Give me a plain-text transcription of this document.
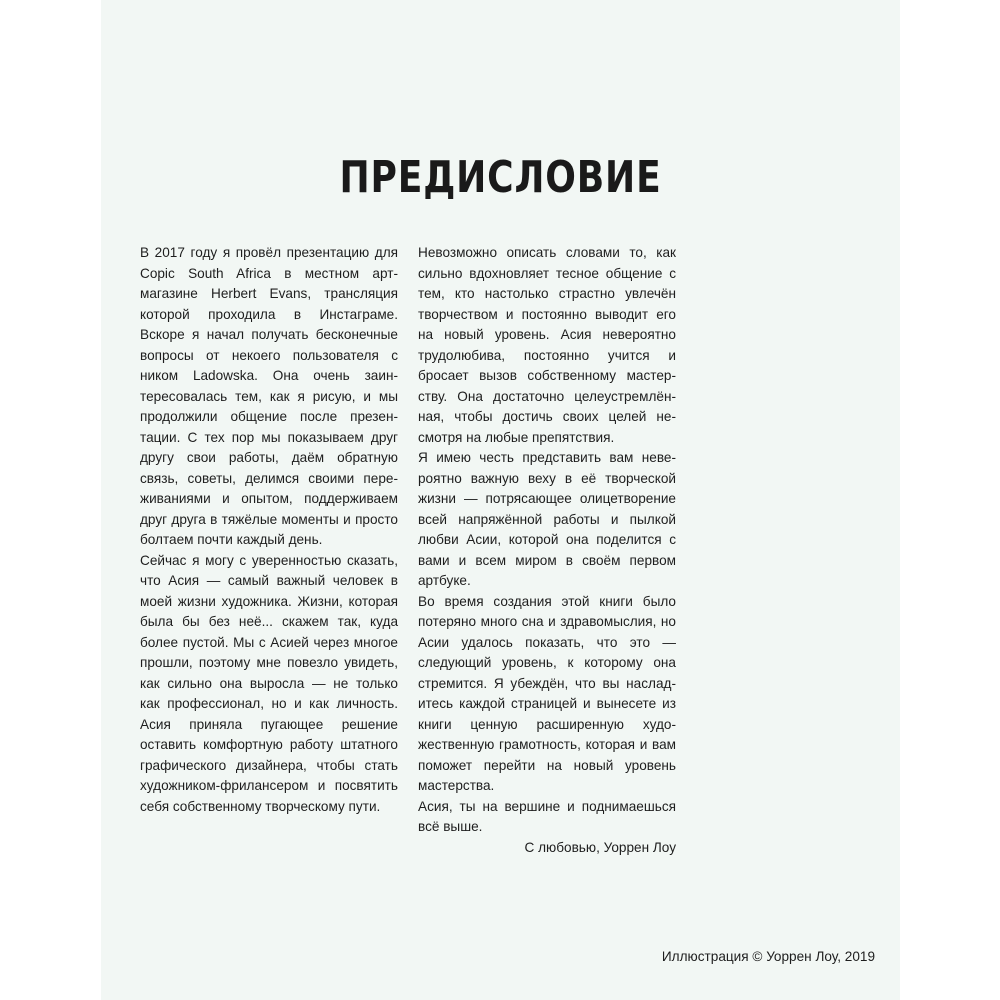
ПРЕДИСЛОВИЕ

В 2017 году я провёл презентацию для Copic South Africa в местном арт-магазине Herbert Evans, трансляция которой проходила в Инстаграме. Вскоре я начал получать бесконечные вопросы от некоего пользователя с ником Ladowska. Она очень заинтересовалась тем, как я рисую, и мы продолжили общение после презентации. С тех пор мы показываем друг другу свои работы, даём обратную связь, советы, делимся своими переживаниями и опытом, поддерживаем друг друга в тяжёлые моменты и просто болтаем почти каждый день.

Сейчас я могу с уверенностью сказать, что Асия — самый важный человек в моей жизни художника. Жизни, которая была бы без неё... скажем так, куда более пустой. Мы с Асией через многое прошли, поэтому мне повезло увидеть, как сильно она выросла — не только как профессионал, но и как личность. Асия приняла пугающее решение оставить комфортную работу штатного графического дизайнера, чтобы стать художником-фрилансером и посвятить себя собственному творческому пути.

Невозможно описать словами то, как сильно вдохновляет тесное общение с тем, кто настолько страстно увлечён творчеством и постоянно выводит его на новый уровень. Асия невероятно трудолюбива, постоянно учится и бросает вызов собственному мастерству. Она достаточно целеустремлённая, чтобы достичь своих целей несмотря на любые препятствия.

Я имею честь представить вам невероятно важную веху в её творческой жизни — потрясающее олицетворение всей напряжённой работы и пылкой любви Асии, которой она поделится с вами и всем миром в своём первом артбуке.

Во время создания этой книги было потеряно много сна и здравомыслия, но Асии удалось показать, что это — следующий уровень, к которому она стремится. Я убеждён, что вы насладитесь каждой страницей и вынесете из книги ценную расширенную художественную грамотность, которая и вам поможет перейти на новый уровень мастерства.

Асия, ты на вершине и поднимаешься всё выше.

С любовью, Уоррен Лоу

Иллюстрация © Уоррен Лоу, 2019
